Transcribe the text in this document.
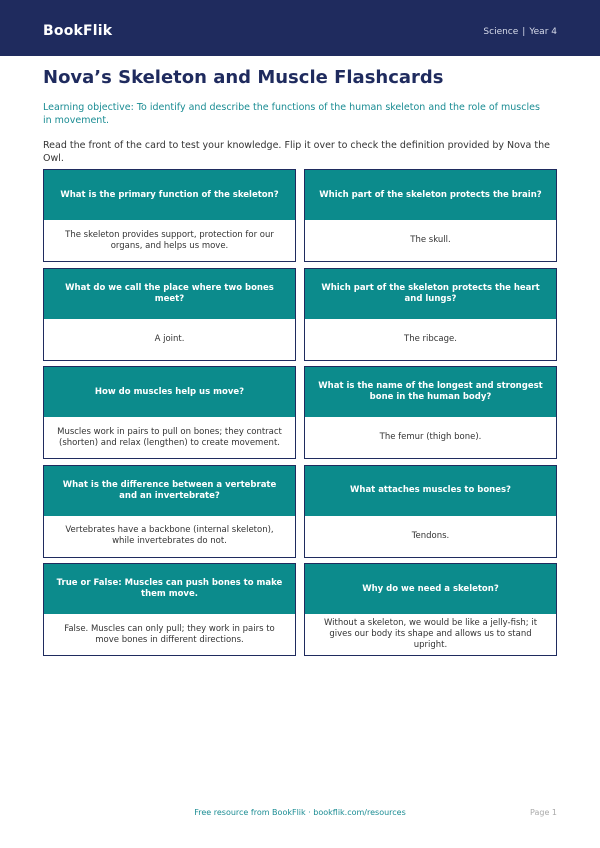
BookFlik	Science | Year 4
Nova’s Skeleton and Muscle Flashcards
Learning objective: To identify and describe the functions of the human skeleton and the role of muscles in movement.
Read the front of the card to test your knowledge. Flip it over to check the definition provided by Nova the Owl.
What is the primary function of the skeleton?
The skeleton provides support, protection for our organs, and helps us move.
Which part of the skeleton protects the brain?
The skull.
What do we call the place where two bones meet?
A joint.
Which part of the skeleton protects the heart and lungs?
The ribcage.
How do muscles help us move?
Muscles work in pairs to pull on bones; they contract (shorten) and relax (lengthen) to create movement.
What is the name of the longest and strongest bone in the human body?
The femur (thigh bone).
What is the difference between a vertebrate and an invertebrate?
Vertebrates have a backbone (internal skeleton), while invertebrates do not.
What attaches muscles to bones?
Tendons.
True or False: Muscles can push bones to make them move.
False. Muscles can only pull; they work in pairs to move bones in different directions.
Why do we need a skeleton?
Without a skeleton, we would be like a jelly-fish; it gives our body its shape and allows us to stand upright.
Free resource from BookFlik · bookflik.com/resources	Page 1
